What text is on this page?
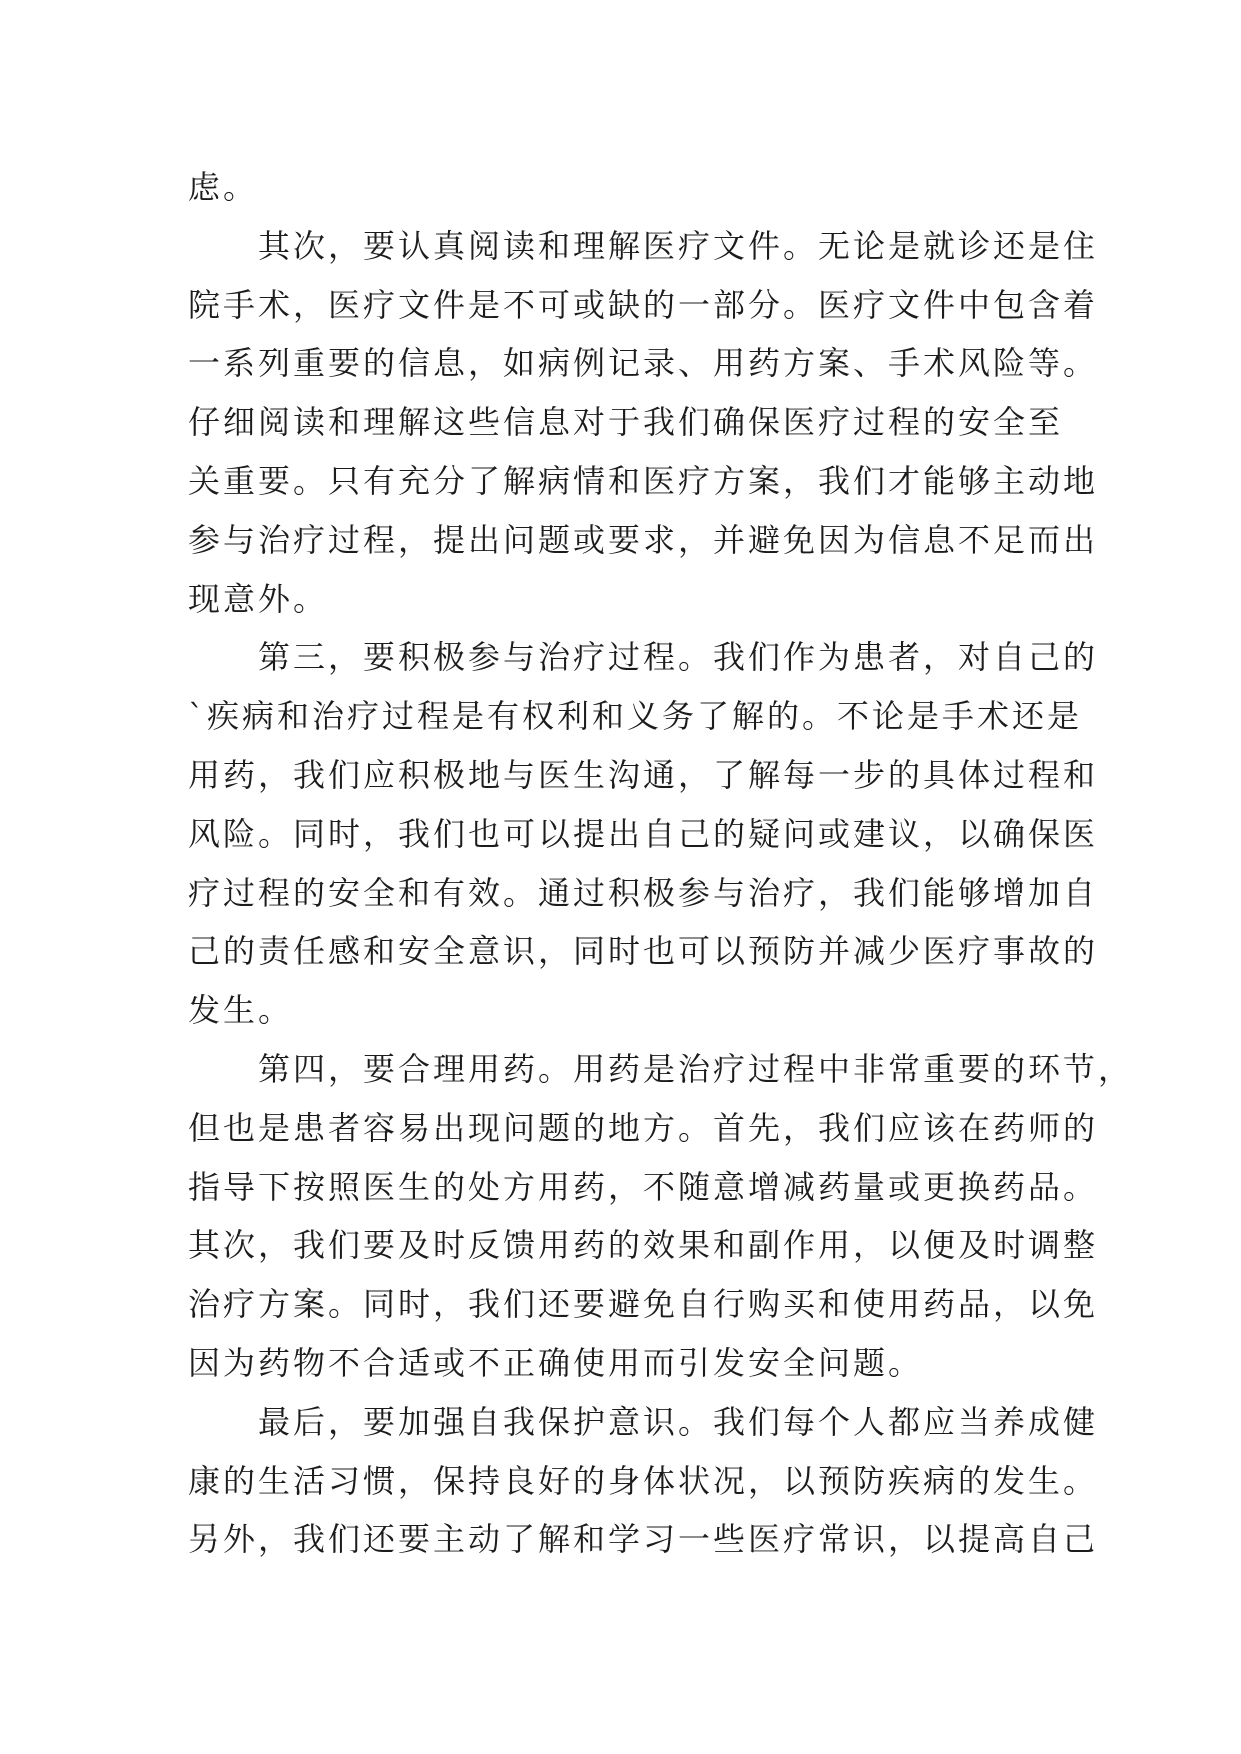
虑。
其次，要认真阅读和理解医疗文件。无论是就诊还是住
院手术，医疗文件是不可或缺的一部分。医疗文件中包含着
一系列重要的信息，如病例记录、用药方案、手术风险等。
仔细阅读和理解这些信息对于我们确保医疗过程的安全至
关重要。只有充分了解病情和医疗方案，我们才能够主动地
参与治疗过程，提出问题或要求，并避免因为信息不足而出
现意外。
第三，要积极参与治疗过程。我们作为患者，对自己的
`疾病和治疗过程是有权利和义务了解的。不论是手术还是
用药，我们应积极地与医生沟通，了解每一步的具体过程和
风险。同时，我们也可以提出自己的疑问或建议，以确保医
疗过程的安全和有效。通过积极参与治疗，我们能够增加自
己的责任感和安全意识，同时也可以预防并减少医疗事故的
发生。
第四，要合理用药。用药是治疗过程中非常重要的环节，
但也是患者容易出现问题的地方。首先，我们应该在药师的
指导下按照医生的处方用药，不随意增减药量或更换药品。
其次，我们要及时反馈用药的效果和副作用，以便及时调整
治疗方案。同时，我们还要避免自行购买和使用药品，以免
因为药物不合适或不正确使用而引发安全问题。
最后，要加强自我保护意识。我们每个人都应当养成健
康的生活习惯，保持良好的身体状况，以预防疾病的发生。
另外，我们还要主动了解和学习一些医疗常识，以提高自己
